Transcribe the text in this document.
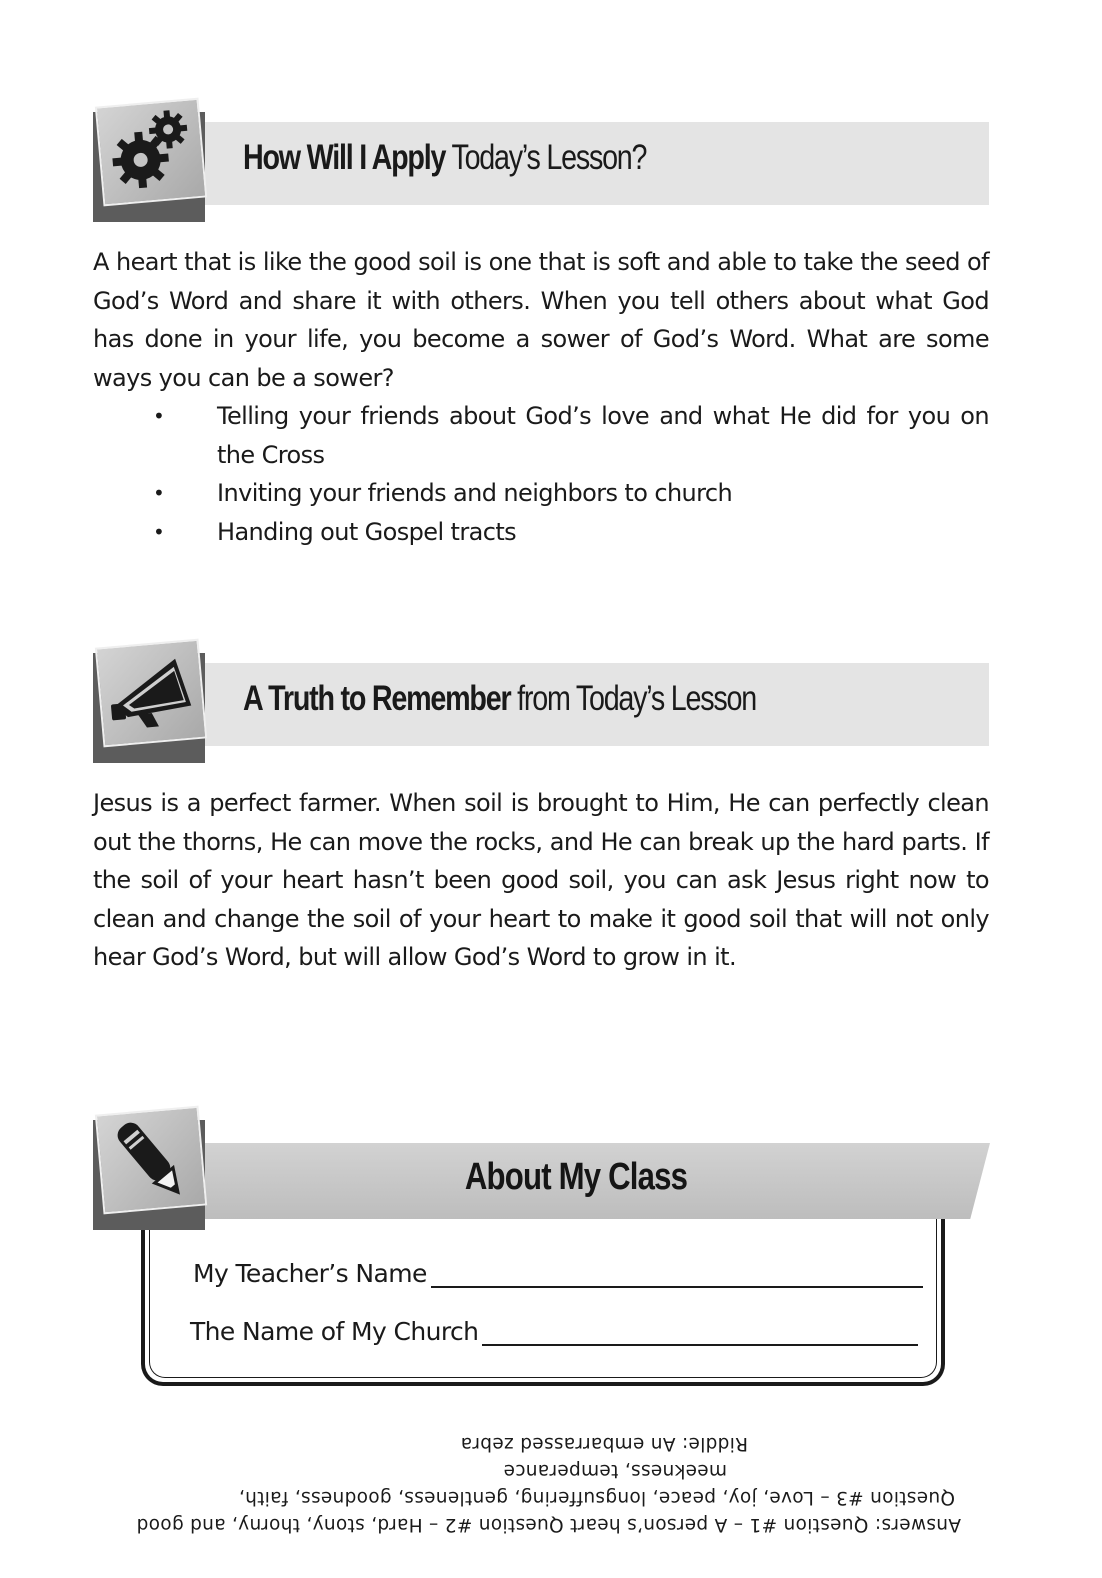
How Will I Apply Today’s Lesson?
A heart that is like the good soil is one that is soft and able to take the seed of God’s Word and share it with others. When you tell others about what God has done in your life, you become a sower of God’s Word. What are some ways you can be a sower?
• Telling your friends about God’s love and what He did for you on the Cross
• Inviting your friends and neighbors to church
• Handing out Gospel tracts
A Truth to Remember from Today’s Lesson
Jesus is a perfect farmer. When soil is brought to Him, He can perfectly clean out the thorns, He can move the rocks, and He can break up the hard parts. If the soil of your heart hasn’t been good soil, you can ask Jesus right now to clean and change the soil of your heart to make it good soil that will not only hear God’s Word, but will allow God’s Word to grow in it.
About My Class
My Teacher’s Name
The Name of My Church
Answers: Question #1 – A person’s heart Question #2 – Hard, stony, thorny, and good
Question #3 – Love, joy, peace, longsuffering, gentleness, goodness, faith,
meekness, temperance
Riddle: An embarrassed zebra
